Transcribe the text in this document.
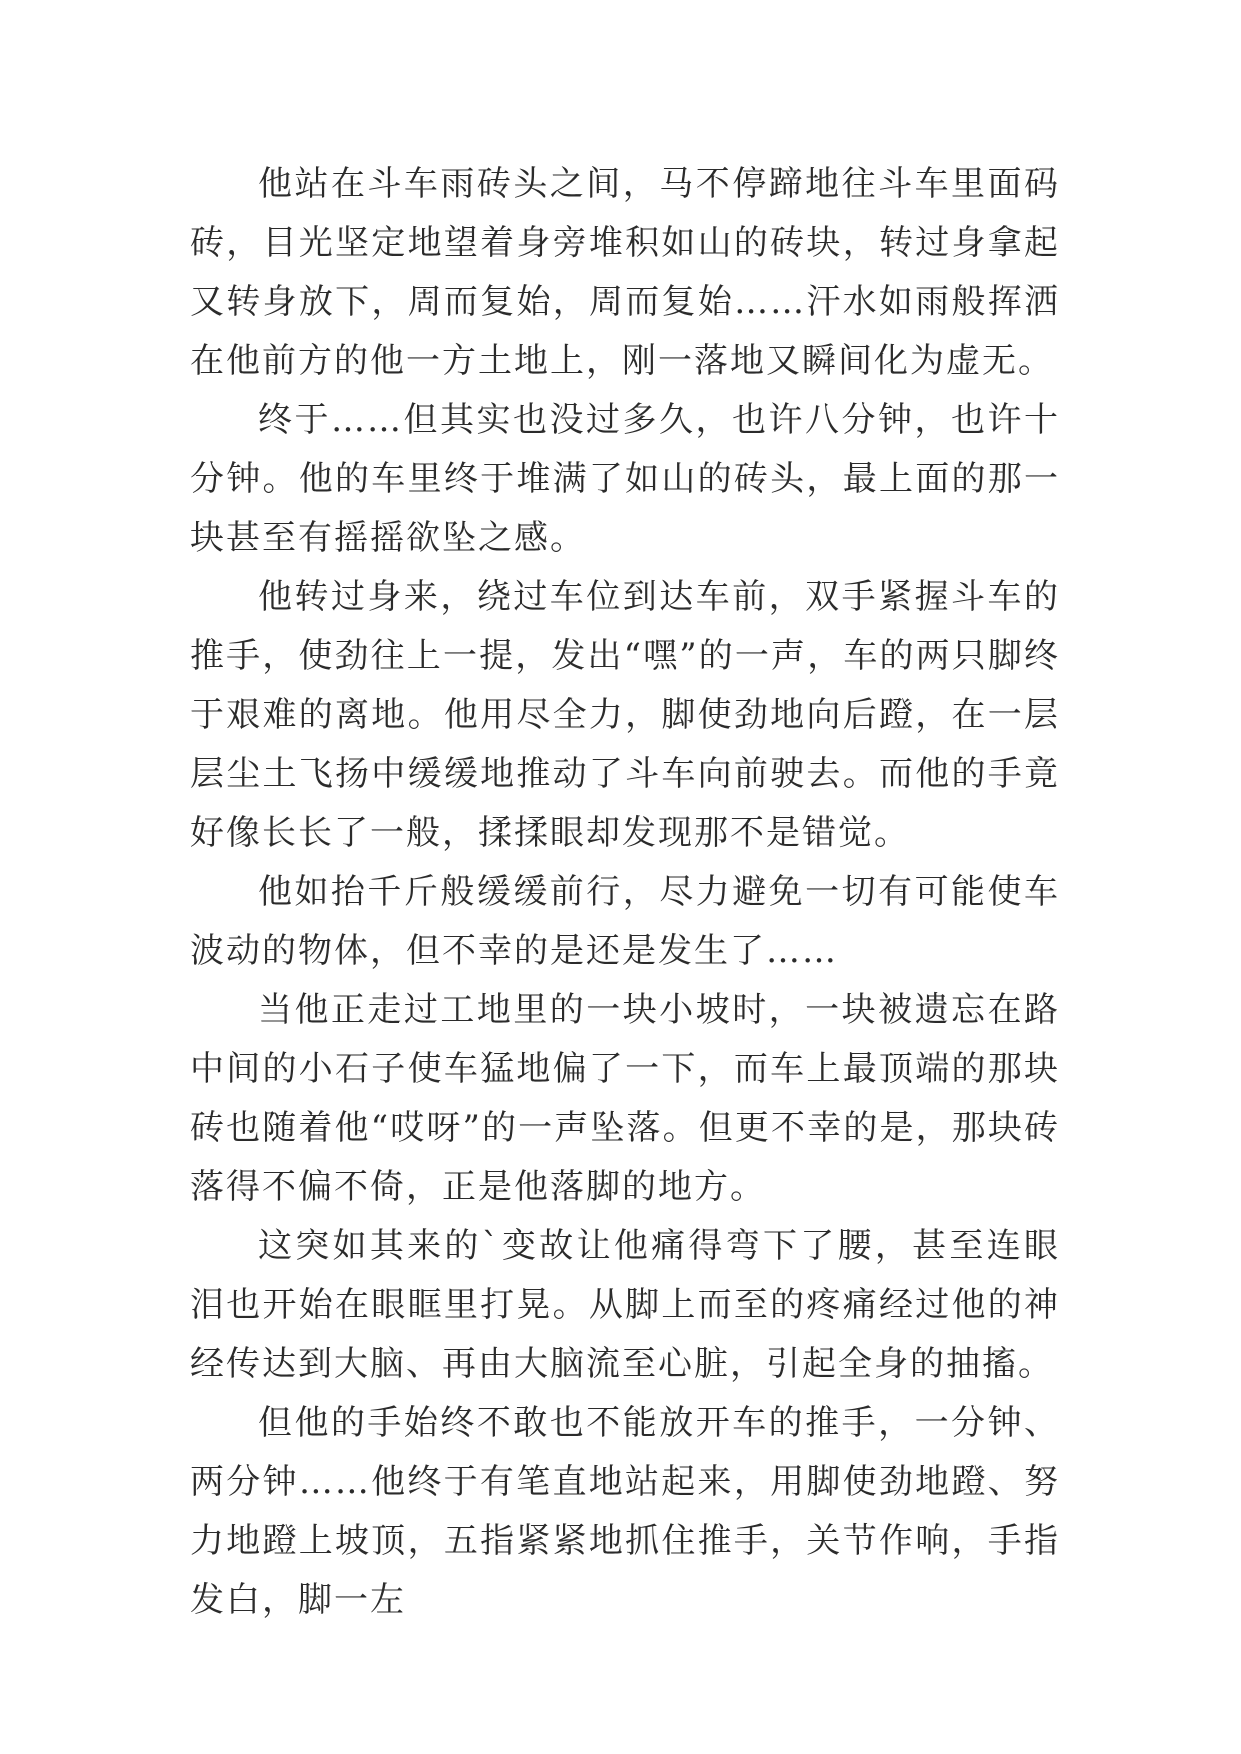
他站在斗车雨砖头之间，马不停蹄地往斗车里面码砖，目光坚定地望着身旁堆积如山的砖块，转过身拿起又转身放下，周而复始，周而复始……汗水如雨般挥洒在他前方的他一方土地上，刚一落地又瞬间化为虚无。

终于……但其实也没过多久，也许八分钟，也许十分钟。他的车里终于堆满了如山的砖头，最上面的那一块甚至有摇摇欲坠之感。

他转过身来，绕过车位到达车前，双手紧握斗车的推手，使劲往上一提，发出“嘿”的一声，车的两只脚终于艰难的离地。他用尽全力，脚使劲地向后蹬，在一层层尘土飞扬中缓缓地推动了斗车向前驶去。而他的手竟好像长长了一般，揉揉眼却发现那不是错觉。

他如抬千斤般缓缓前行，尽力避免一切有可能使车波动的物体，但不幸的是还是发生了……

当他正走过工地里的一块小坡时，一块被遗忘在路中间的小石子使车猛地偏了一下，而车上最顶端的那块砖也随着他“哎呀”的一声坠落。但更不幸的是，那块砖落得不偏不倚，正是他落脚的地方。

这突如其来的`变故让他痛得弯下了腰，甚至连眼泪也开始在眼眶里打晃。从脚上而至的疼痛经过他的神经传达到大脑、再由大脑流至心脏，引起全身的抽搐。

但他的手始终不敢也不能放开车的推手，一分钟、两分钟……他终于有笔直地站起来，用脚使劲地蹬、努力地蹬上坡顶，五指紧紧地抓住推手，关节作响，手指发白，脚一左
